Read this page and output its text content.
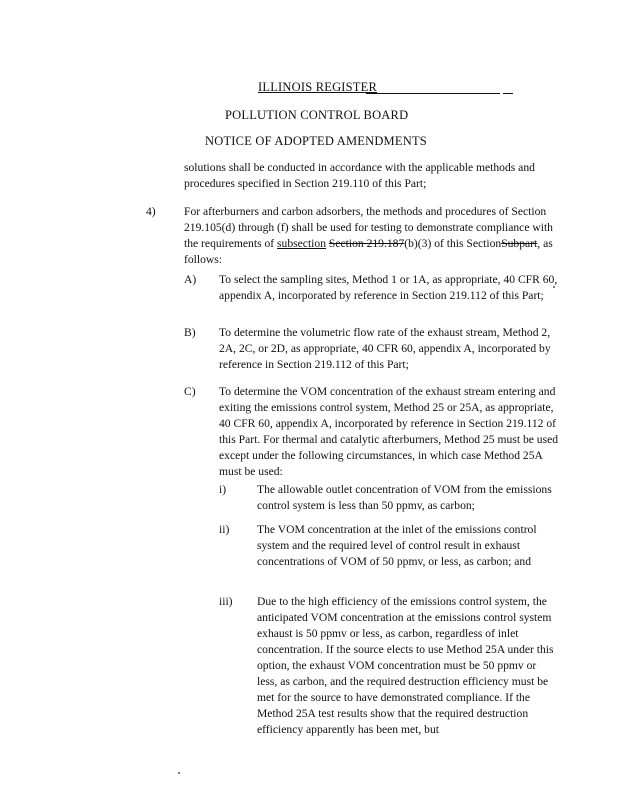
ILLINOIS REGISTER
POLLUTION CONTROL BOARD
NOTICE OF ADOPTED AMENDMENTS

solutions shall be conducted in accordance with the applicable methods and procedures specified in Section 219.110 of this Part;

4) For afterburners and carbon adsorbers, the methods and procedures of Section 219.105(d) through (f) shall be used for testing to demonstrate compliance with the requirements of subsection Section 219.187(b)(3) of this SectionSubpart, as follows:

A) To select the sampling sites, Method 1 or 1A, as appropriate, 40 CFR 60, appendix A, incorporated by reference in Section 219.112 of this Part;

B) To determine the volumetric flow rate of the exhaust stream, Method 2, 2A, 2C, or 2D, as appropriate, 40 CFR 60, appendix A, incorporated by reference in Section 219.112 of this Part;

C) To determine the VOM concentration of the exhaust stream entering and exiting the emissions control system, Method 25 or 25A, as appropriate, 40 CFR 60, appendix A, incorporated by reference in Section 219.112 of this Part. For thermal and catalytic afterburners, Method 25 must be used except under the following circumstances, in which case Method 25A must be used:

i)	The allowable outlet concentration of VOM from the emissions control system is less than 50 ppmv, as carbon;

ii) The VOM concentration at the inlet of the emissions control system and the required level of control result in exhaust concentrations of VOM of 50 ppmv, or less, as carbon; and

iii) Due to the high efficiency of the emissions control system, the anticipated VOM concentration at the emissions control system exhaust is 50 ppmv or less, as carbon, regardless of inlet concentration. If the source elects to use Method 25A under this option, the exhaust VOM concentration must be 50 ppmv or less, as carbon, and the required destruction efficiency must be met for the source to have demonstrated compliance. If the Method 25A test results show that the required destruction efficiency apparently has been met, but
